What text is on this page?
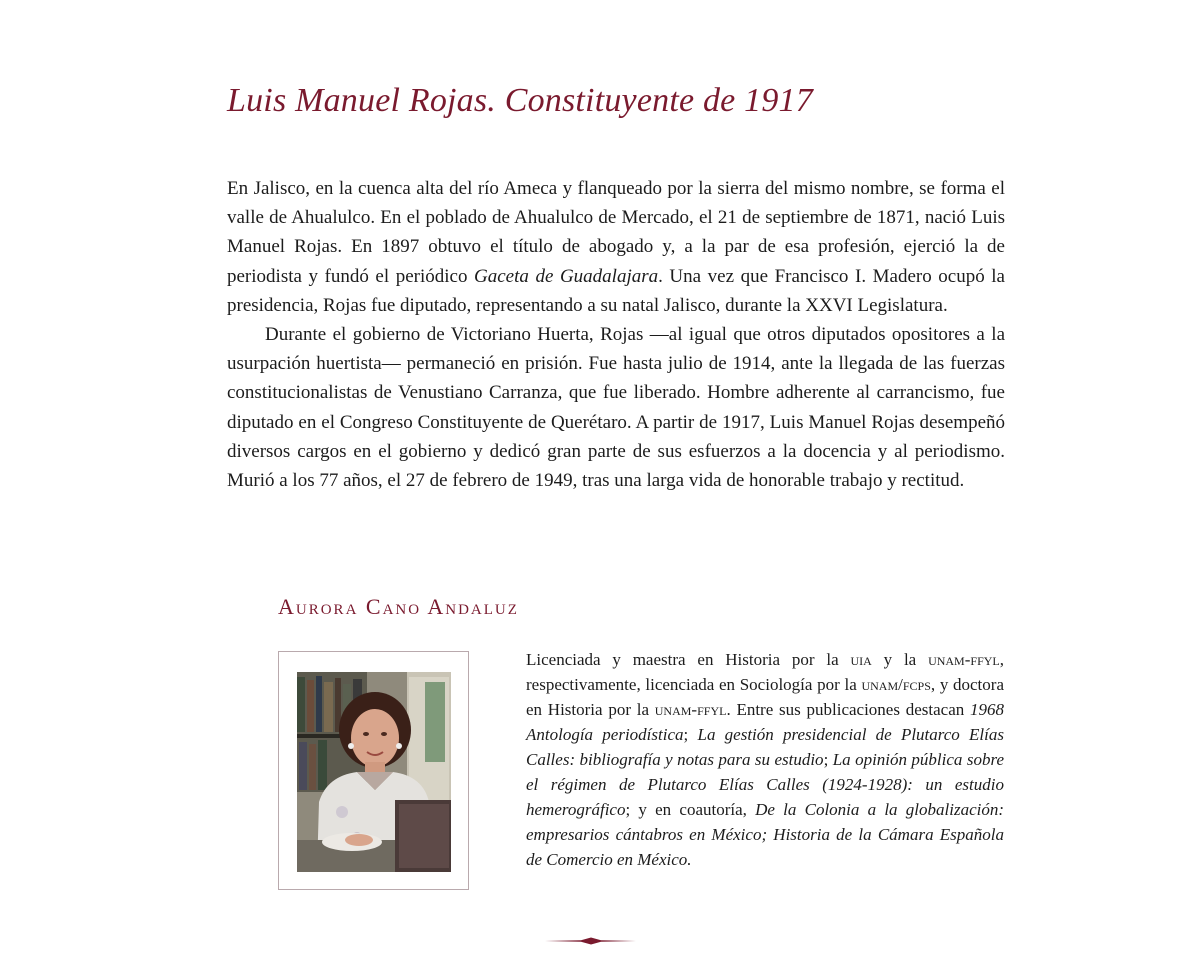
Luis Manuel Rojas. Constituyente de 1917

En Jalisco, en la cuenca alta del río Ameca y flanqueado por la sierra del mismo nombre, se forma el valle de Ahualulco. En el poblado de Ahualulco de Mercado, el 21 de septiembre de 1871, nació Luis Manuel Rojas. En 1897 obtuvo el título de abogado y, a la par de esa profesión, ejerció la de periodista y fundó el periódico Gaceta de Guadalajara. Una vez que Francisco I. Madero ocupó la presidencia, Rojas fue diputado, representando a su natal Jalisco, durante la XXVI Legislatura.

Durante el gobierno de Victoriano Huerta, Rojas —al igual que otros diputados opositores a la usurpación huertista— permaneció en prisión. Fue hasta julio de 1914, ante la llegada de las fuerzas constitucionalistas de Venustiano Carranza, que fue liberado. Hombre adherente al carrancismo, fue diputado en el Congreso Constituyente de Querétaro. A partir de 1917, Luis Manuel Rojas desempeñó diversos cargos en el gobierno y dedicó gran parte de sus esfuerzos a la docencia y al periodismo. Murió a los 77 años, el 27 de febrero de 1949, tras una larga vida de honorable trabajo y rectitud.

Aurora Cano Andaluz

Licenciada y maestra en Historia por la uia y la unam-ffyl, respectivamente, licenciada en Sociología por la unam/fcps, y doctora en Historia por la unam-ffyl. Entre sus publicaciones destacan 1968 Antología periodística; La gestión presidencial de Plutarco Elías Calles: bibliografía y notas para su estudio; La opinión pública sobre el régimen de Plutarco Elías Calles (1924-1928): un estudio hemerográfico; y en coautoría, De la Colonia a la globalización: empresarios cántabros en México; Historia de la Cámara Española de Comercio en México.
